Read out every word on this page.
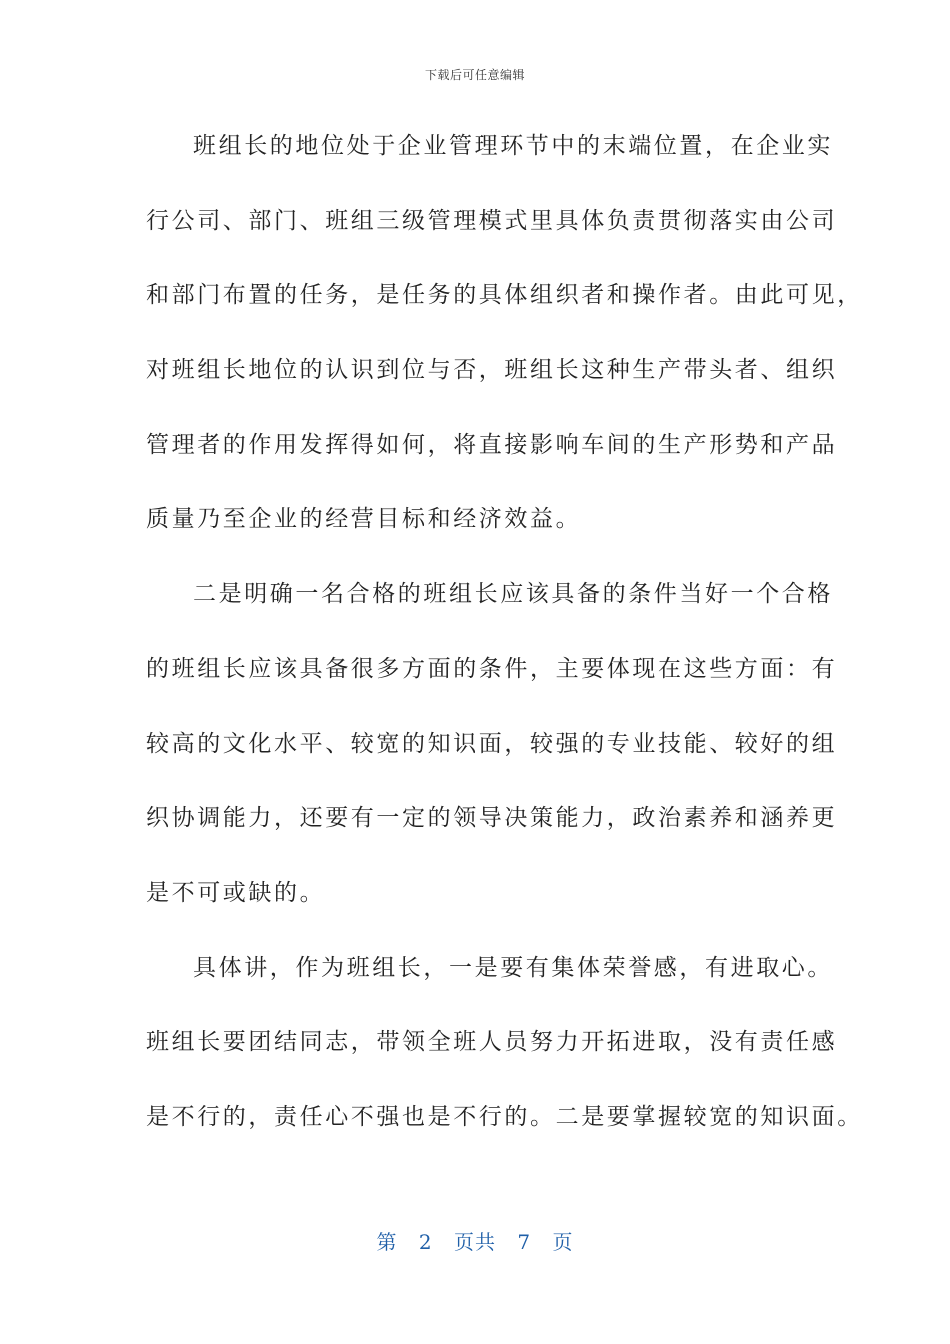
下载后可任意编辑
班组长的地位处于企业管理环节中的末端位置，在企业实
行公司、部门、班组三级管理模式里具体负责贯彻落实由公司
和部门布置的任务，是任务的具体组织者和操作者。由此可见，
对班组长地位的认识到位与否，班组长这种生产带头者、组织
管理者的作用发挥得如何，将直接影响车间的生产形势和产品
质量乃至企业的经营目标和经济效益。
二是明确一名合格的班组长应该具备的条件当好一个合格
的班组长应该具备很多方面的条件，主要体现在这些方面：有
较高的文化水平、较宽的知识面，较强的专业技能、较好的组
织协调能力，还要有一定的领导决策能力，政治素养和涵养更
是不可或缺的。
具体讲，作为班组长，一是要有集体荣誉感，有进取心。
班组长要团结同志，带领全班人员努力开拓进取，没有责任感
是不行的，责任心不强也是不行的。二是要掌握较宽的知识面。
第 2 页共 7 页
